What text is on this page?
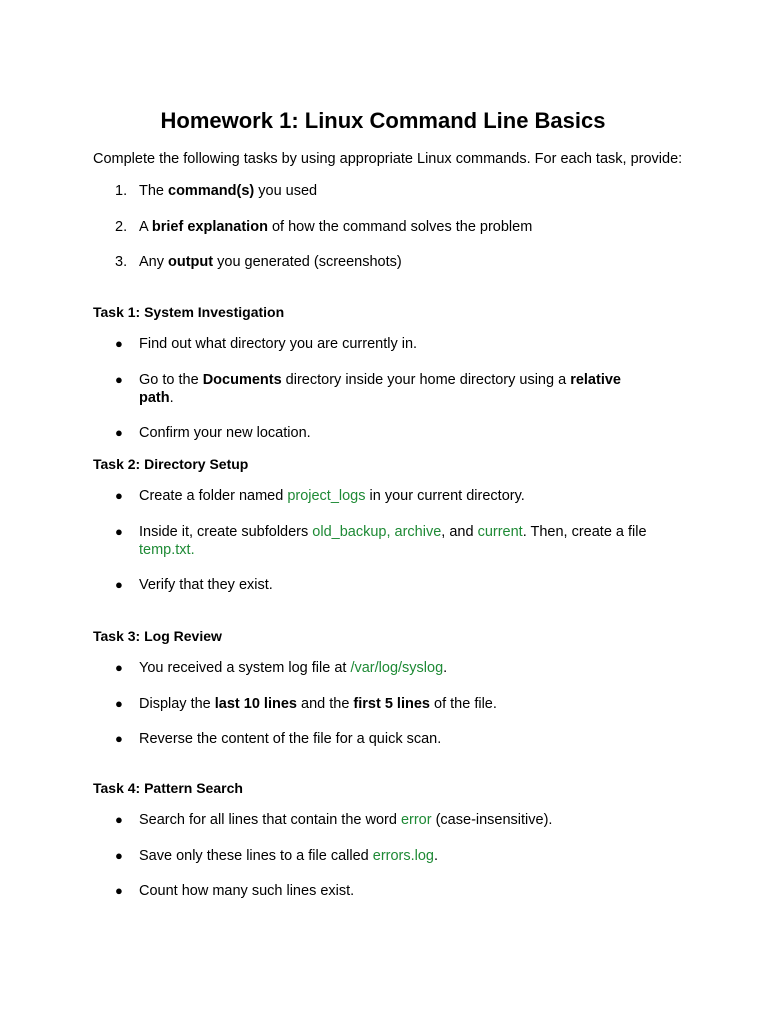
Homework 1: Linux Command Line Basics
Complete the following tasks by using appropriate Linux commands. For each task, provide:
1. The command(s) you used
2. A brief explanation of how the command solves the problem
3. Any output you generated (screenshots)
Task 1: System Investigation
● Find out what directory you are currently in.
● Go to the Documents directory inside your home directory using a relative path.
● Confirm your new location.
Task 2: Directory Setup
● Create a folder named project_logs in your current directory.
● Inside it, create subfolders old_backup, archive, and current. Then, create a file temp.txt.
● Verify that they exist.
Task 3: Log Review
● You received a system log file at /var/log/syslog.
● Display the last 10 lines and the first 5 lines of the file.
● Reverse the content of the file for a quick scan.
Task 4: Pattern Search
● Search for all lines that contain the word error (case-insensitive).
● Save only these lines to a file called errors.log.
● Count how many such lines exist.
